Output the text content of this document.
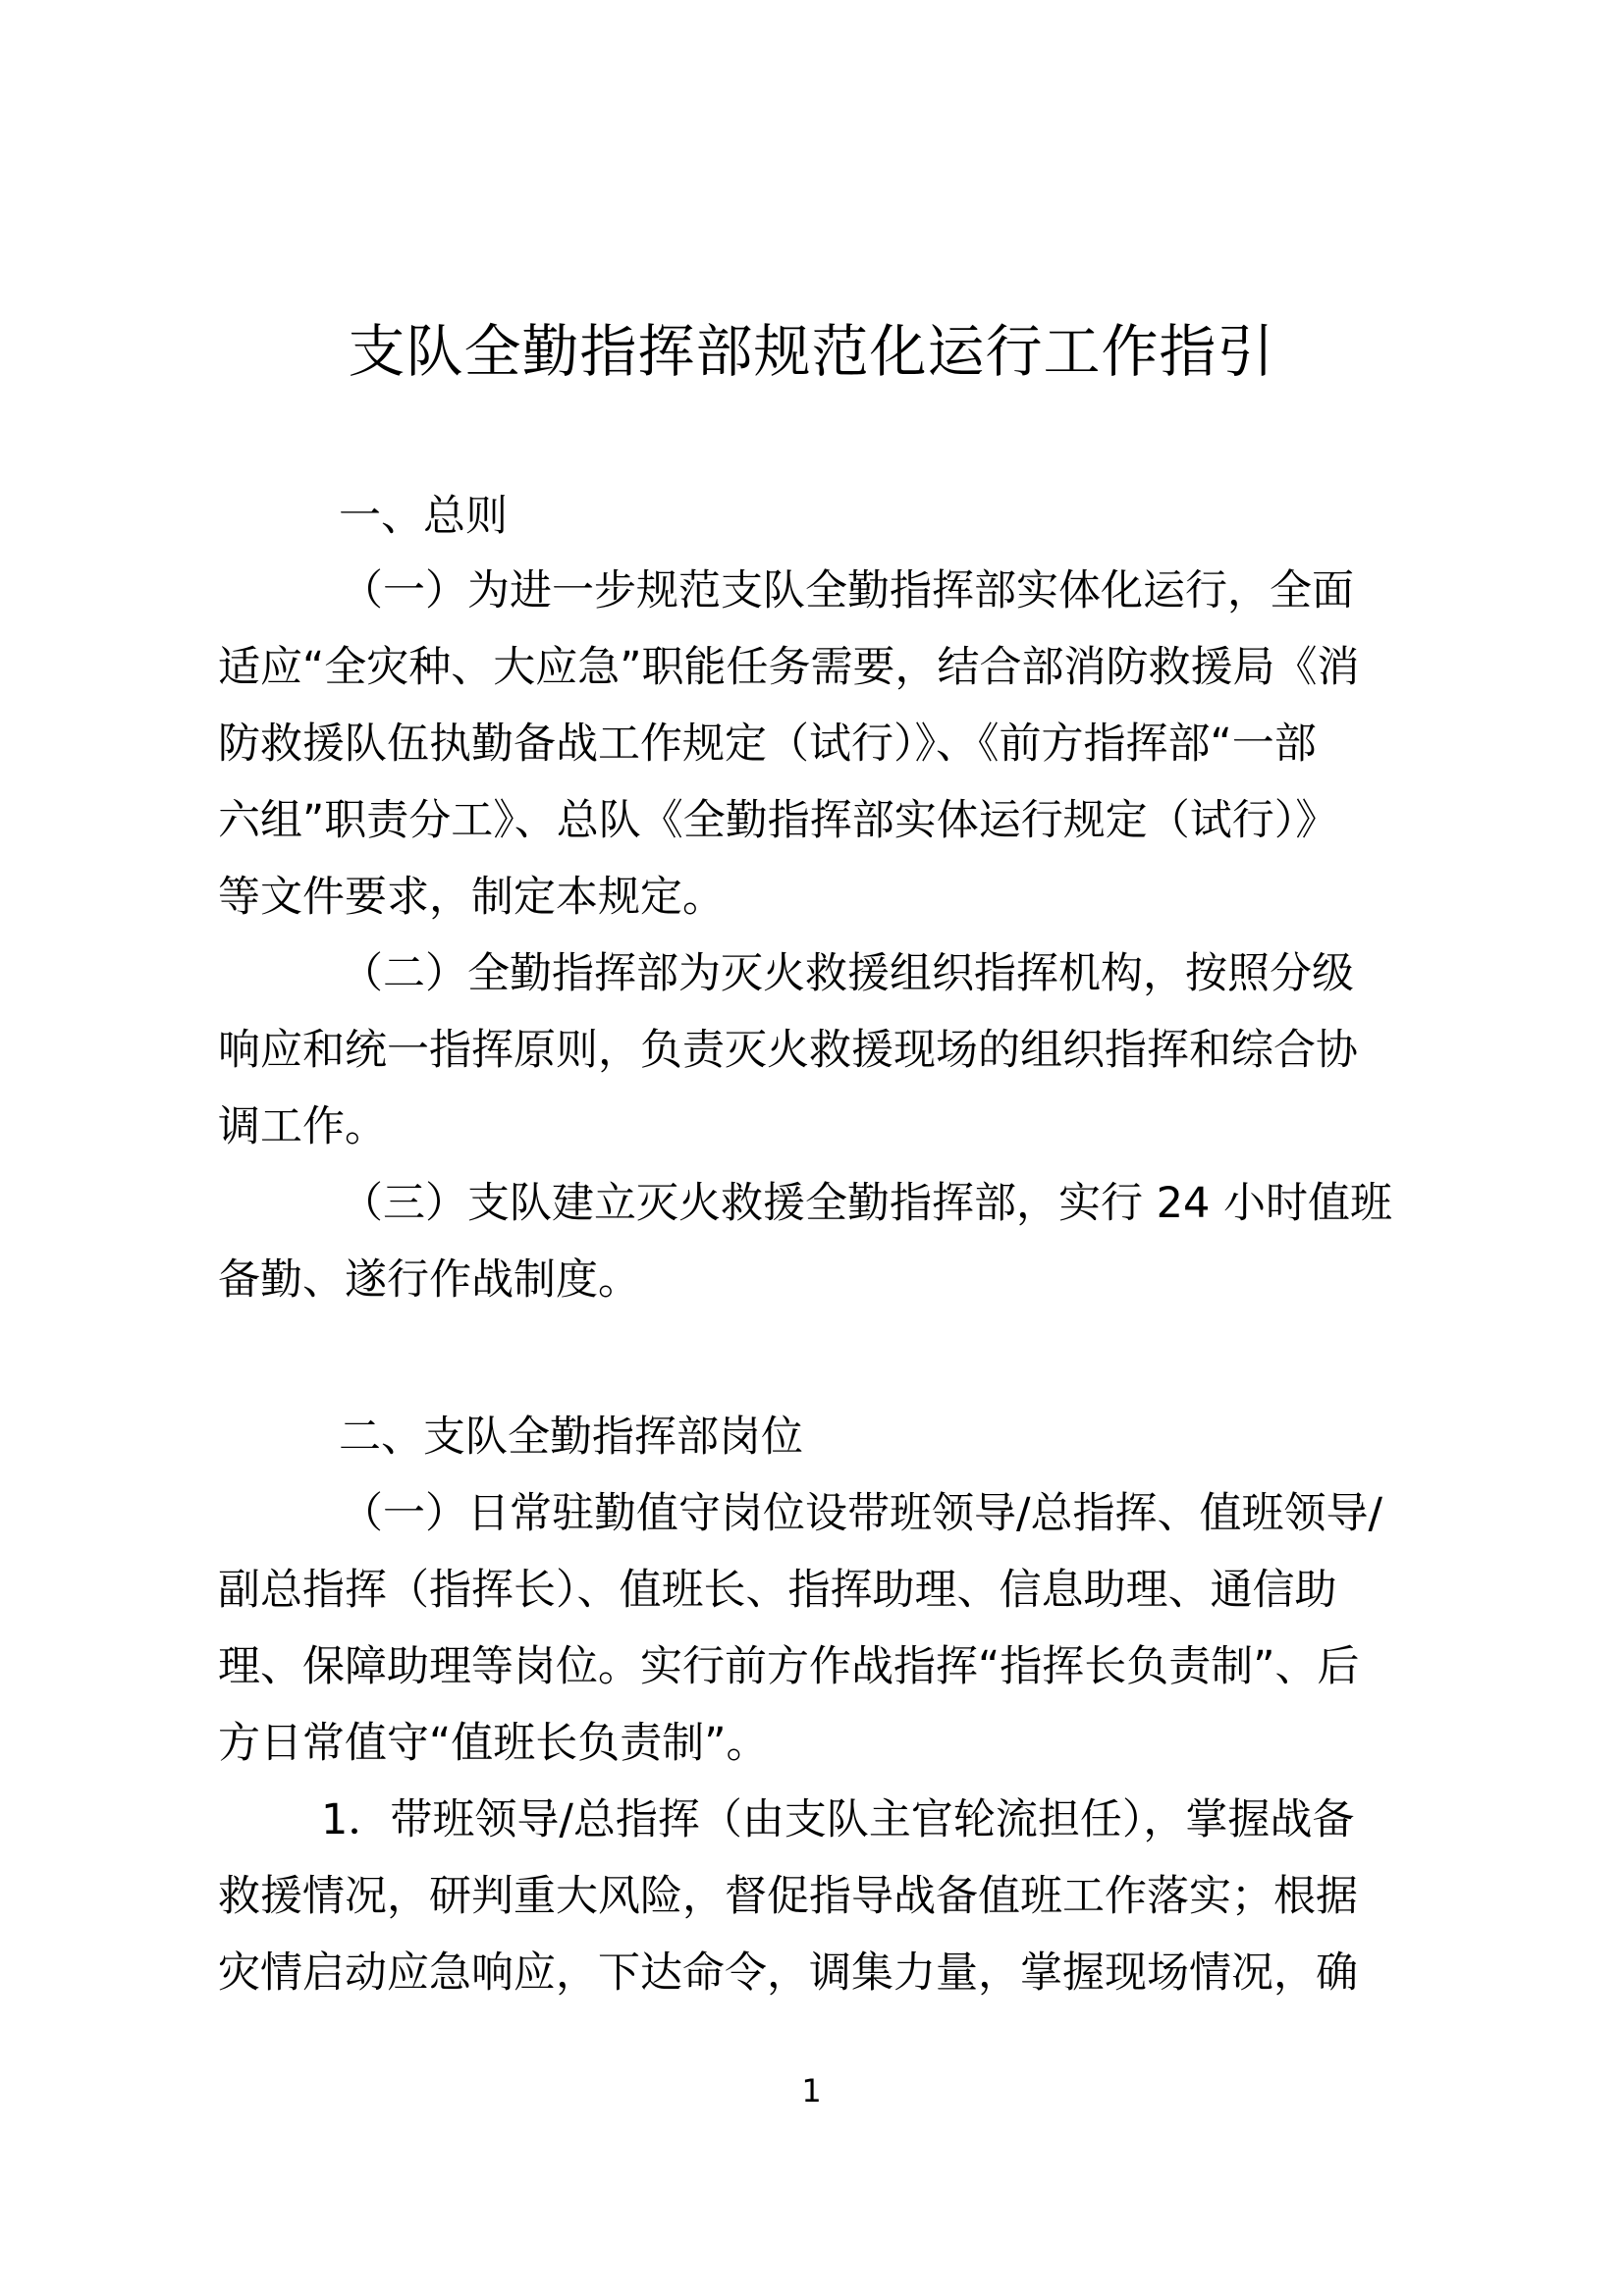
支队全勤指挥部规范化运行工作指引
一、总则
（一）为进一步规范支队全勤指挥部实体化运行，全面
适应“全灾种、大应急”职能任务需要，结合部消防救援局《消
防救援队伍执勤备战工作规定（试行）》、《前方指挥部“一部
六组”职责分工》、总队《全勤指挥部实体运行规定（试行）》
等文件要求，制定本规定。
（二）全勤指挥部为灭火救援组织指挥机构，按照分级
响应和统一指挥原则，负责灭火救援现场的组织指挥和综合协
调工作。
（三）支队建立灭火救援全勤指挥部，实行 24 小时值班
备勤、遂行作战制度。
二、支队全勤指挥部岗位
（一）日常驻勤值守岗位设带班领导/总指挥、值班领导/
副总指挥（指挥长）、值班长、指挥助理、信息助理、通信助
理、保障助理等岗位。实行前方作战指挥“指挥长负责制”、后
方日常值守“值班长负责制”。
1．带班领导/总指挥（由支队主官轮流担任），掌握战备
救援情况，研判重大风险，督促指导战备值班工作落实；根据
灾情启动应急响应，下达命令，调集力量，掌握现场情况，确
1
